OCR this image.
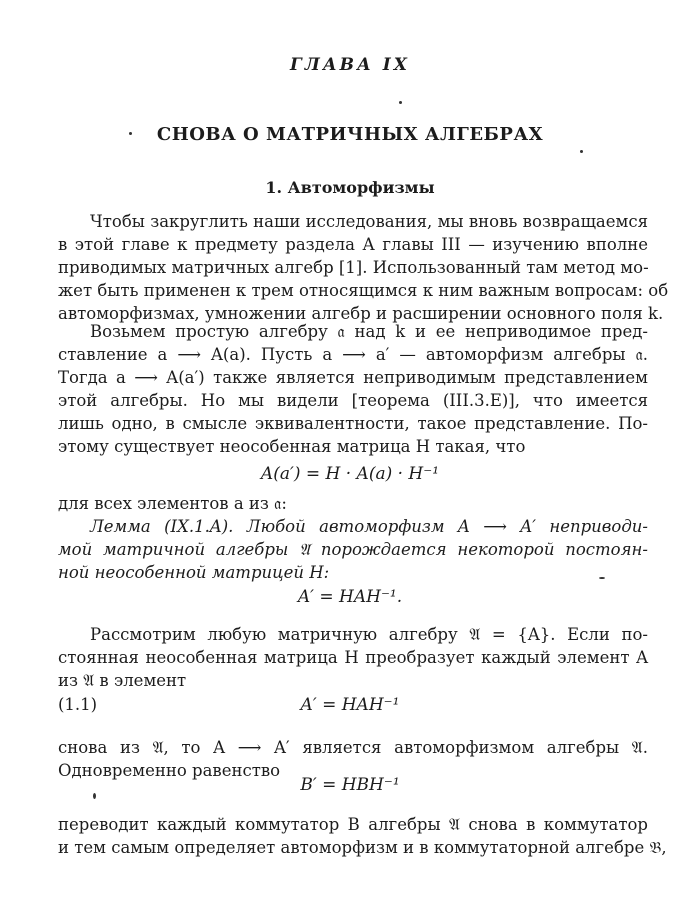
ГЛАВА IX
СНОВА О МАТРИЧНЫХ АЛГЕБРАХ
1. Автоморфизмы
Чтобы закруглить наши исследования, мы вновь возвращаемся
в этой главе к предмету раздела А главы III — изучению вполне
приводимых матричных алгебр [1]. Использованный там метод мо-
жет быть применен к трем относящимся к ним важным вопросам: об
автоморфизмах, умножении алгебр и расширении основного поля k.
Возьмем простую алгебру 𝔞 над k и ее неприводимое пред-
ставление a ⟶ A(a). Пусть a ⟶ a′ — автоморфизм алгебры 𝔞.
Тогда a ⟶ A(a′) также является неприводимым представлением
этой алгебры. Но мы видели [теорема (III.3.E)], что имеется
лишь одно, в смысле эквивалентности, такое представление. По-
этому существует неособенная матрица H такая, что
A(a′) = H · A(a) · H⁻¹
для всех элементов a из 𝔞:
Лемма (IX.1.A). Любой автоморфизм A ⟶ A′ неприводи-
мой матричной алгебры 𝔄 порождается некоторой постоян-
ной неособенной матрицей H:
A′ = HAH⁻¹.
Рассмотрим любую матричную алгебру 𝔄 = {A}. Если по-
стоянная неособенная матрица H преобразует каждый элемент A
из 𝔄 в элемент
(1.1)	A′ = HAH⁻¹
снова из 𝔄, то A ⟶ A′ является автоморфизмом алгебры 𝔄.
Одновременно равенство
B′ = HBH⁻¹
переводит каждый коммутатор B алгебры 𝔄 снова в коммутатор
и тем самым определяет автоморфизм и в коммутаторной алгебре 𝔅,
